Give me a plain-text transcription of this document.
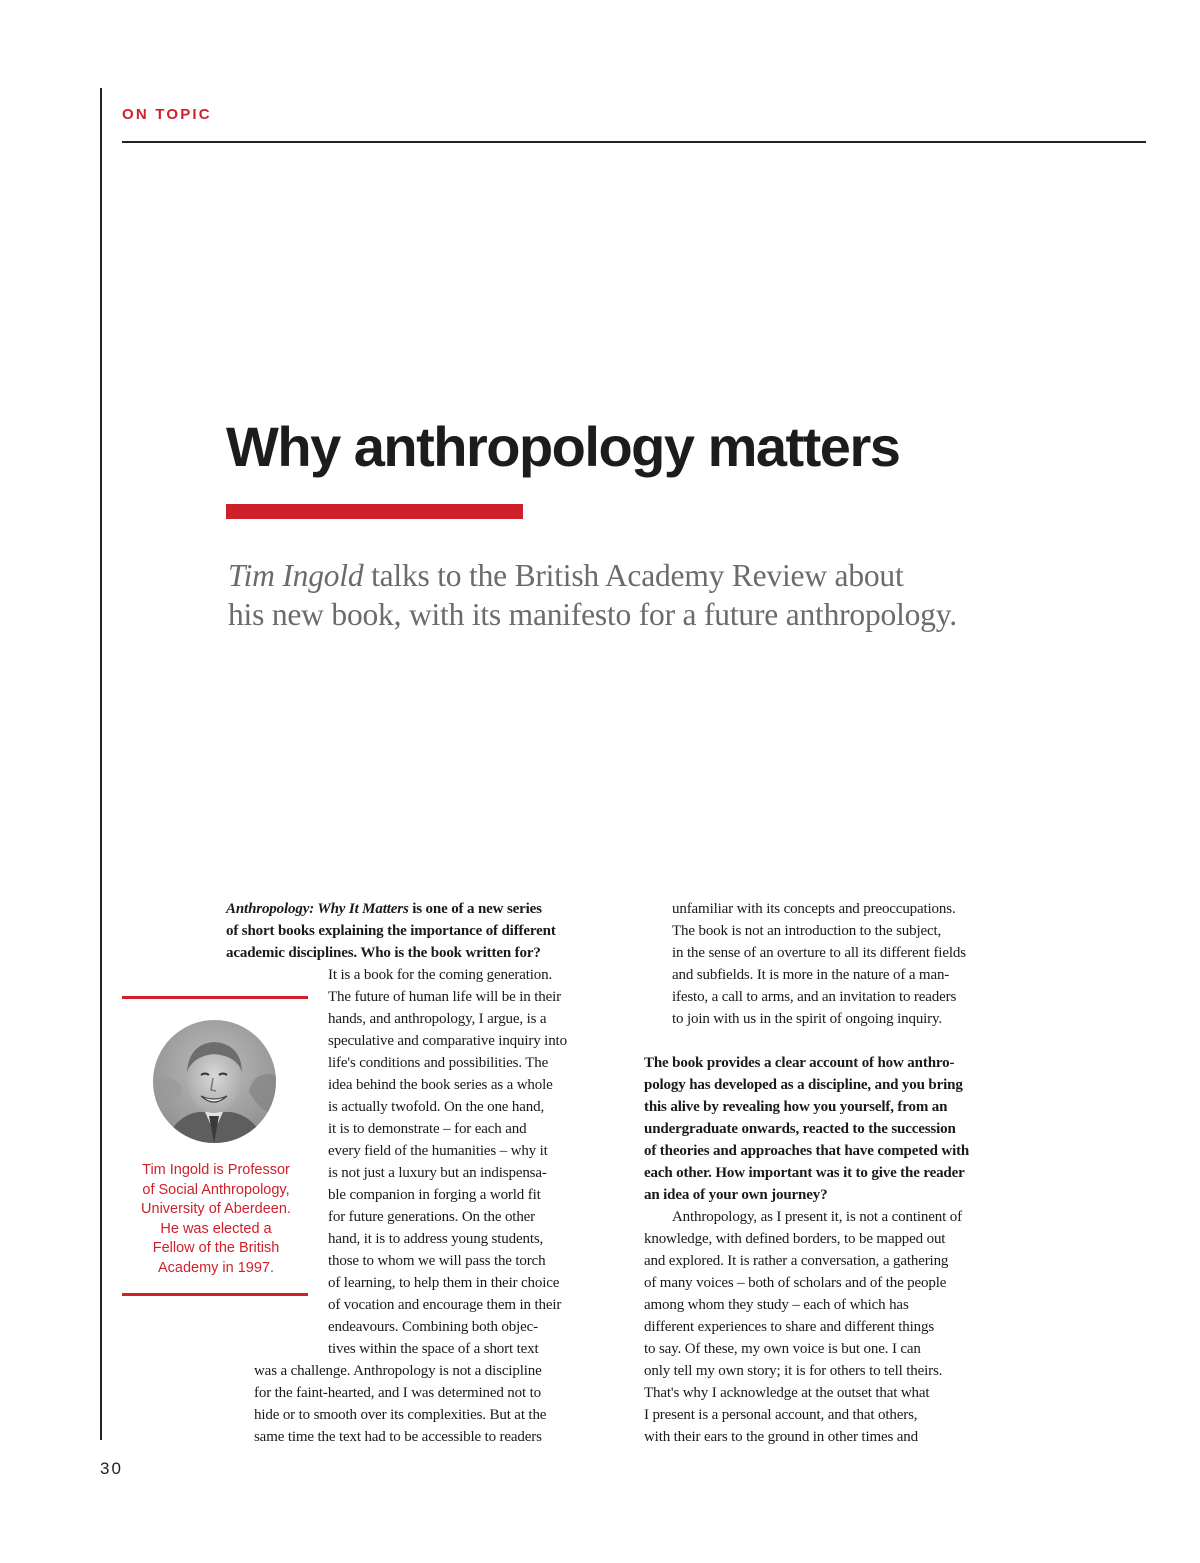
ON TOPIC
Why anthropology matters
Tim Ingold talks to the British Academy Review about
his new book, with its manifesto for a future anthropology.
Anthropology: Why It Matters is one of a new series
of short books explaining the importance of different
academic disciplines. Who is the book written for?
It is a book for the coming generation.
The future of human life will be in their
hands, and anthropology, I argue, is a
speculative and comparative inquiry into
life's conditions and possibilities. The
idea behind the book series as a whole
is actually twofold. On the one hand,
it is to demonstrate – for each and
every field of the humanities – why it
is not just a luxury but an indispensa-
ble companion in forging a world fit
for future generations. On the other
hand, it is to address young students,
those to whom we will pass the torch
of learning, to help them in their choice
of vocation and encourage them in their
endeavours. Combining both objec-
tives within the space of a short text
was a challenge. Anthropology is not a discipline
for the faint-hearted, and I was determined not to
hide or to smooth over its complexities. But at the
same time the text had to be accessible to readers
unfamiliar with its concepts and preoccupations.
The book is not an introduction to the subject,
in the sense of an overture to all its different fields
and subfields. It is more in the nature of a man-
ifesto, a call to arms, and an invitation to readers
to join with us in the spirit of ongoing inquiry.
The book provides a clear account of how anthro-
pology has developed as a discipline, and you bring
this alive by revealing how you yourself, from an
undergraduate onwards, reacted to the succession
of theories and approaches that have competed with
each other. How important was it to give the reader
an idea of your own journey?
Anthropology, as I present it, is not a continent of
knowledge, with defined borders, to be mapped out
and explored. It is rather a conversation, a gathering
of many voices – both of scholars and of the people
among whom they study – each of which has
different experiences to share and different things
to say. Of these, my own voice is but one. I can
only tell my own story; it is for others to tell theirs.
That's why I acknowledge at the outset that what
I present is a personal account, and that others,
with their ears to the ground in other times and
Tim Ingold is Professor
of Social Anthropology,
University of Aberdeen.
He was elected a
Fellow of the British
Academy in 1997.
30
